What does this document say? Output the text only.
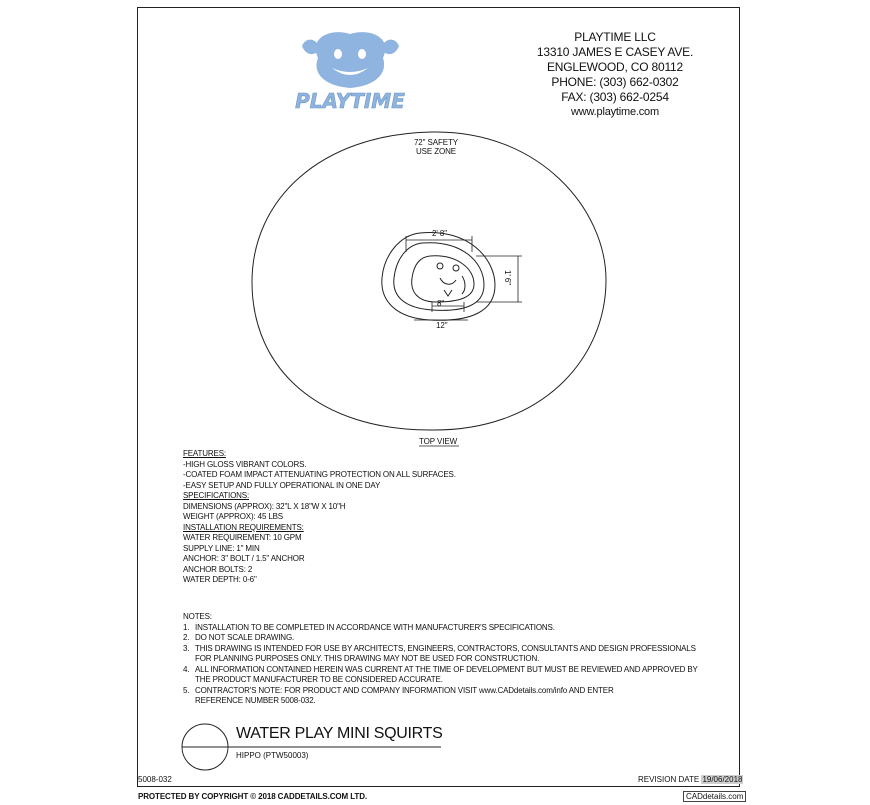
PLAYTIME
PLAYTIME LLC
13310 JAMES E CASEY AVE.
ENGLEWOOD, CO 80112
PHONE: (303) 662-0302
FAX: (303) 662-0254
www.playtime.com
72" SAFETY
USE ZONE
2' 8"
1' 6"
8"
12"
TOP VIEW
FEATURES:
-HIGH GLOSS VIBRANT COLORS.
-COATED FOAM IMPACT ATTENUATING PROTECTION ON ALL SURFACES.
-EASY SETUP AND FULLY OPERATIONAL IN ONE DAY
SPECIFICATIONS:
DIMENSIONS (APPROX): 32"L X 18"W X 10"H
WEIGHT (APPROX): 45 LBS
INSTALLATION REQUIREMENTS:
WATER REQUIREMENT: 10 GPM
SUPPLY LINE: 1" MIN
ANCHOR: 3" BOLT / 1.5" ANCHOR
ANCHOR BOLTS: 2
WATER DEPTH: 0-6"
NOTES:
1. INSTALLATION TO BE COMPLETED IN ACCORDANCE WITH MANUFACTURER'S SPECIFICATIONS.
2. DO NOT SCALE DRAWING.
3. THIS DRAWING IS INTENDED FOR USE BY ARCHITECTS, ENGINEERS, CONTRACTORS, CONSULTANTS AND DESIGN PROFESSIONALS
FOR PLANNING PURPOSES ONLY. THIS DRAWING MAY NOT BE USED FOR CONSTRUCTION.
4. ALL INFORMATION CONTAINED HEREIN WAS CURRENT AT THE TIME OF DEVELOPMENT BUT MUST BE REVIEWED AND APPROVED BY
THE PRODUCT MANUFACTURER TO BE CONSIDERED ACCURATE.
5. CONTRACTOR'S NOTE: FOR PRODUCT AND COMPANY INFORMATION VISIT www.CADdetails.com/info AND ENTER
REFERENCE NUMBER 5008-032.
WATER PLAY MINI SQUIRTS
HIPPO (PTW50003)
5008-032	REVISION DATE 19/06/2018
PROTECTED BY COPYRIGHT © 2018 CADDETAILS.COM LTD.	CADdetails.com
